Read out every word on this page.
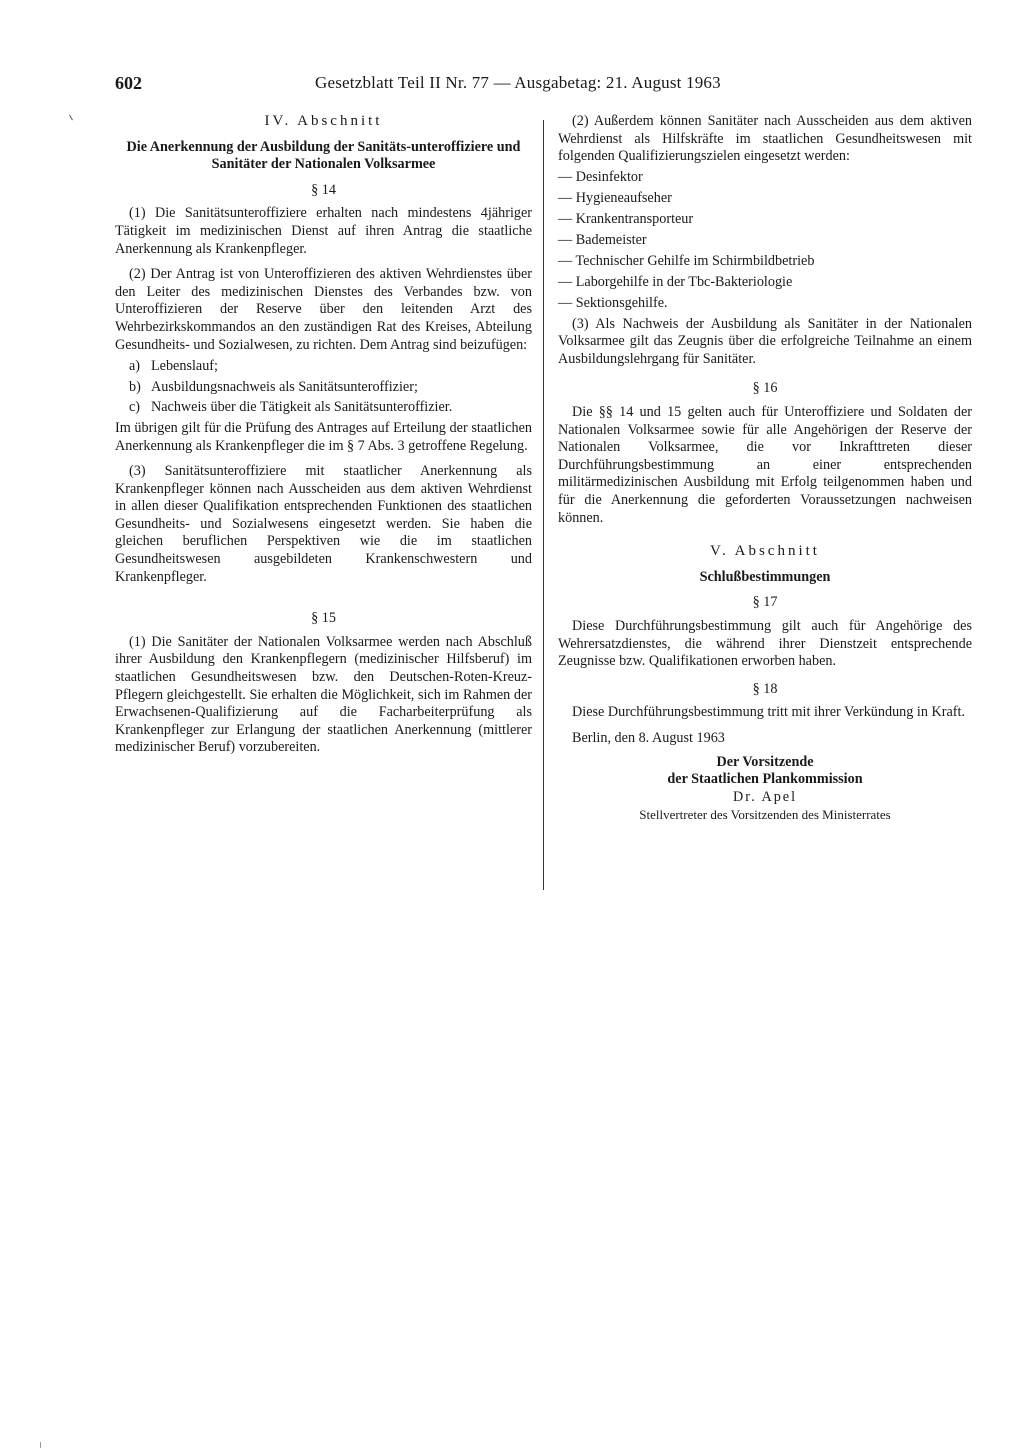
602	Gesetzblatt Teil II Nr. 77 — Ausgabetag: 21. August 1963

IV. Abschnitt

Die Anerkennung der Ausbildung der Sanitäts-unteroffiziere und Sanitäter der Nationalen Volksarmee

§ 14

(1) Die Sanitätsunteroffiziere erhalten nach mindestens 4jähriger Tätigkeit im medizinischen Dienst auf ihren Antrag die staatliche Anerkennung als Krankenpfleger.

(2) Der Antrag ist von Unteroffizieren des aktiven Wehrdienstes über den Leiter des medizinischen Dienstes des Verbandes bzw. von Unteroffizieren der Reserve über den leitenden Arzt des Wehrbezirkskommandos an den zuständigen Rat des Kreises, Abteilung Gesundheits- und Sozialwesen, zu richten. Dem Antrag sind beizufügen:

a) Lebenslauf;
b) Ausbildungsnachweis als Sanitätsunteroffizier;
c) Nachweis über die Tätigkeit als Sanitätsunteroffizier.

Im übrigen gilt für die Prüfung des Antrages auf Erteilung der staatlichen Anerkennung als Krankenpfleger die im § 7 Abs. 3 getroffene Regelung.

(3) Sanitätsunteroffiziere mit staatlicher Anerkennung als Krankenpfleger können nach Ausscheiden aus dem aktiven Wehrdienst in allen dieser Qualifikation entsprechenden Funktionen des staatlichen Gesundheits- und Sozialwesens eingesetzt werden. Sie haben die gleichen beruflichen Perspektiven wie die im staatlichen Gesundheitswesen ausgebildeten Krankenschwestern und Krankenpfleger.

§ 15

(1) Die Sanitäter der Nationalen Volksarmee werden nach Abschluß ihrer Ausbildung den Krankenpflegern (medizinischer Hilfsberuf) im staatlichen Gesundheitswesen bzw. den Deutschen-Roten-Kreuz-Pflegern gleichgestellt. Sie erhalten die Möglichkeit, sich im Rahmen der Erwachsenen-Qualifizierung auf die Facharbeiterprüfung als Krankenpfleger zur Erlangung der staatlichen Anerkennung (mittlerer medizinischer Beruf) vorzubereiten.

(2) Außerdem können Sanitäter nach Ausscheiden aus dem aktiven Wehrdienst als Hilfskräfte im staatlichen Gesundheitswesen mit folgenden Qualifizierungszielen eingesetzt werden:

— Desinfektor
— Hygieneaufseher
— Krankentransporteur
— Bademeister
— Technischer Gehilfe im Schirmbildbetrieb
— Laborgehilfe in der Tbc-Bakteriologie
— Sektionsgehilfe.

(3) Als Nachweis der Ausbildung als Sanitäter in der Nationalen Volksarmee gilt das Zeugnis über die erfolgreiche Teilnahme an einem Ausbildungslehrgang für Sanitäter.

§ 16

Die §§ 14 und 15 gelten auch für Unteroffiziere und Soldaten der Nationalen Volksarmee sowie für alle Angehörigen der Reserve der Nationalen Volksarmee, die vor Inkrafttreten dieser Durchführungsbestimmung an einer entsprechenden militärmedizinischen Ausbildung mit Erfolg teilgenommen haben und für die Anerkennung die geforderten Voraussetzungen nachweisen können.

V. Abschnitt

Schlußbestimmungen

§ 17

Diese Durchführungsbestimmung gilt auch für Angehörige des Wehrersatzdienstes, die während ihrer Dienstzeit entsprechende Zeugnisse bzw. Qualifikationen erworben haben.

§ 18

Diese Durchführungsbestimmung tritt mit ihrer Verkündung in Kraft.

Berlin, den 8. August 1963

Der Vorsitzende

der Staatlichen Plankommission

Dr. Apel

Stellvertreter des Vorsitzenden des Ministerrates
